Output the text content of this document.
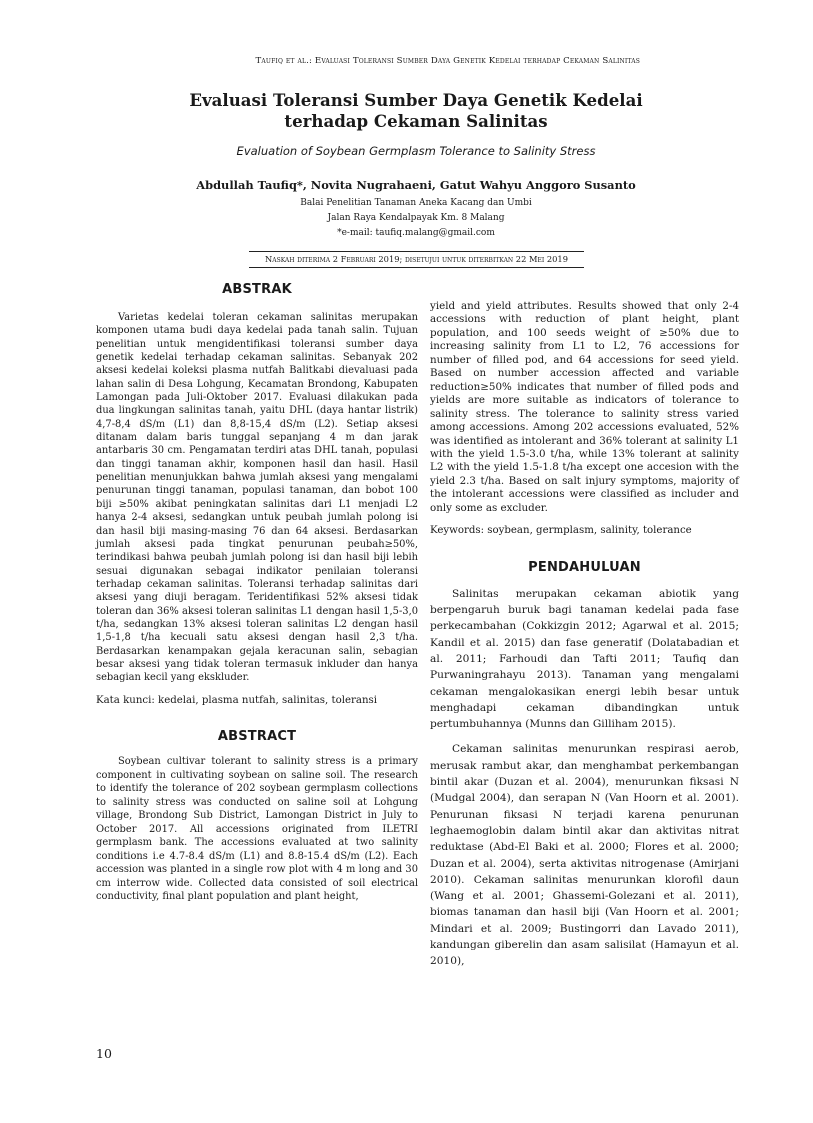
Taufiq et al.: Evaluasi Toleransi Sumber Daya Genetik Kedelai terhadap Cekaman Salinitas
Evaluasi Toleransi Sumber Daya Genetik Kedelai
terhadap Cekaman Salinitas
Evaluation of Soybean Germplasm Tolerance to Salinity Stress
Abdullah Taufiq*, Novita Nugrahaeni, Gatut Wahyu Anggoro Susanto
Balai Penelitian Tanaman Aneka Kacang dan Umbi
Jalan Raya Kendalpayak Km. 8 Malang
*e-mail: taufiq.malang@gmail.com
Naskah diterima 2 Februari 2019; disetujui untuk diterbitkan 22 Mei 2019
ABSTRAK

Varietas kedelai toleran cekaman salinitas merupakan komponen utama budi daya kedelai pada tanah salin. Tujuan penelitian untuk mengidentifikasi toleransi sumber daya genetik kedelai terhadap cekaman salinitas. Sebanyak 202 aksesi kedelai koleksi plasma nutfah Balitkabi dievaluasi pada lahan salin di Desa Lohgung, Kecamatan Brondong, Kabupaten Lamongan pada Juli-Oktober 2017. Evaluasi dilakukan pada dua lingkungan salinitas tanah, yaitu DHL (daya hantar listrik) 4,7-8,4 dS/m (L1) dan 8,8-15,4 dS/m (L2). Setiap aksesi ditanam dalam baris tunggal sepanjang 4 m dan jarak antarbaris 30 cm. Pengamatan terdiri atas DHL tanah, populasi dan tinggi tanaman akhir, komponen hasil dan hasil. Hasil penelitian menunjukkan bahwa jumlah aksesi yang mengalami penurunan tinggi tanaman, populasi tanaman, dan bobot 100 biji ≥50% akibat peningkatan salinitas dari L1 menjadi L2 hanya 2-4 aksesi, sedangkan untuk peubah jumlah polong isi dan hasil biji masing-masing 76 dan 64 aksesi. Berdasarkan jumlah aksesi pada tingkat penurunan peubah≥50%, terindikasi bahwa peubah jumlah polong isi dan hasil biji lebih sesuai digunakan sebagai indikator penilaian toleransi terhadap cekaman salinitas. Toleransi terhadap salinitas dari aksesi yang diuji beragam. Teridentifikasi 52% aksesi tidak toleran dan 36% aksesi toleran salinitas L1 dengan hasil 1,5-3,0 t/ha, sedangkan 13% aksesi toleran salinitas L2 dengan hasil 1,5-1,8 t/ha kecuali satu aksesi dengan hasil 2,3 t/ha. Berdasarkan kenampakan gejala keracunan salin, sebagian besar aksesi yang tidak toleran termasuk inkluder dan hanya sebagian kecil yang ekskluder.

Kata kunci: kedelai, plasma nutfah, salinitas, toleransi

ABSTRACT

Soybean cultivar tolerant to salinity stress is a primary component in cultivating soybean on saline soil. The research to identify the tolerance of 202 soybean germplasm collections to salinity stress was conducted on saline soil at Lohgung village, Brondong Sub District, Lamongan District in July to October 2017. All accessions originated from ILETRI germplasm bank. The accessions evaluated at two salinity conditions i.e 4.7-8.4 dS/m (L1) and 8.8-15.4 dS/m (L2). Each accession was planted in a single row plot with 4 m long and 30 cm interrow wide. Collected data consisted of soil electrical conductivity, final plant population and plant height,

yield and yield attributes. Results showed that only 2-4 accessions with reduction of plant height, plant population, and 100 seeds weight of ≥50% due to increasing salinity from L1 to L2, 76 accessions for number of filled pod, and 64 accessions for seed yield. Based on number accession affected and variable reduction≥50% indicates that number of filled pods and yields are more suitable as indicators of tolerance to salinity stress. The tolerance to salinity stress varied among accessions. Among 202 accessions evaluated, 52% was identified as intolerant and 36% tolerant at salinity L1 with the yield 1.5-3.0 t/ha, while 13% tolerant at salinity L2 with the yield 1.5-1.8 t/ha except one accesion with the yield 2.3 t/ha. Based on salt injury symptoms, majority of the intolerant accessions were classified as includer and only some as excluder.

Keywords: soybean, germplasm, salinity, tolerance

PENDAHULUAN

Salinitas merupakan cekaman abiotik yang berpengaruh buruk bagi tanaman kedelai pada fase perkecambahan (Cokkizgin 2012; Agarwal et al. 2015; Kandil et al. 2015) dan fase generatif (Dolatabadian et al. 2011; Farhoudi dan Tafti 2011; Taufiq dan Purwaningrahayu 2013). Tanaman yang mengalami cekaman mengalokasikan energi lebih besar untuk menghadapi cekaman dibandingkan untuk pertumbuhannya (Munns dan Gilliham 2015).

Cekaman salinitas menurunkan respirasi aerob, merusak rambut akar, dan menghambat perkembangan bintil akar (Duzan et al. 2004), menurunkan fiksasi N (Mudgal 2004), dan serapan N (Van Hoorn et al. 2001). Penurunan fiksasi N terjadi karena penurunan leghaemoglobin dalam bintil akar dan aktivitas nitrat reduktase (Abd-El Baki et al. 2000; Flores et al. 2000; Duzan et al. 2004), serta aktivitas nitrogenase (Amirjani 2010). Cekaman salinitas menurunkan klorofil daun (Wang et al. 2001; Ghassemi-Golezani et al. 2011), biomas tanaman dan hasil biji (Van Hoorn et al. 2001; Mindari et al. 2009; Bustingorri dan Lavado 2011), kandungan giberelin dan asam salisilat (Hamayun et al. 2010),

10
